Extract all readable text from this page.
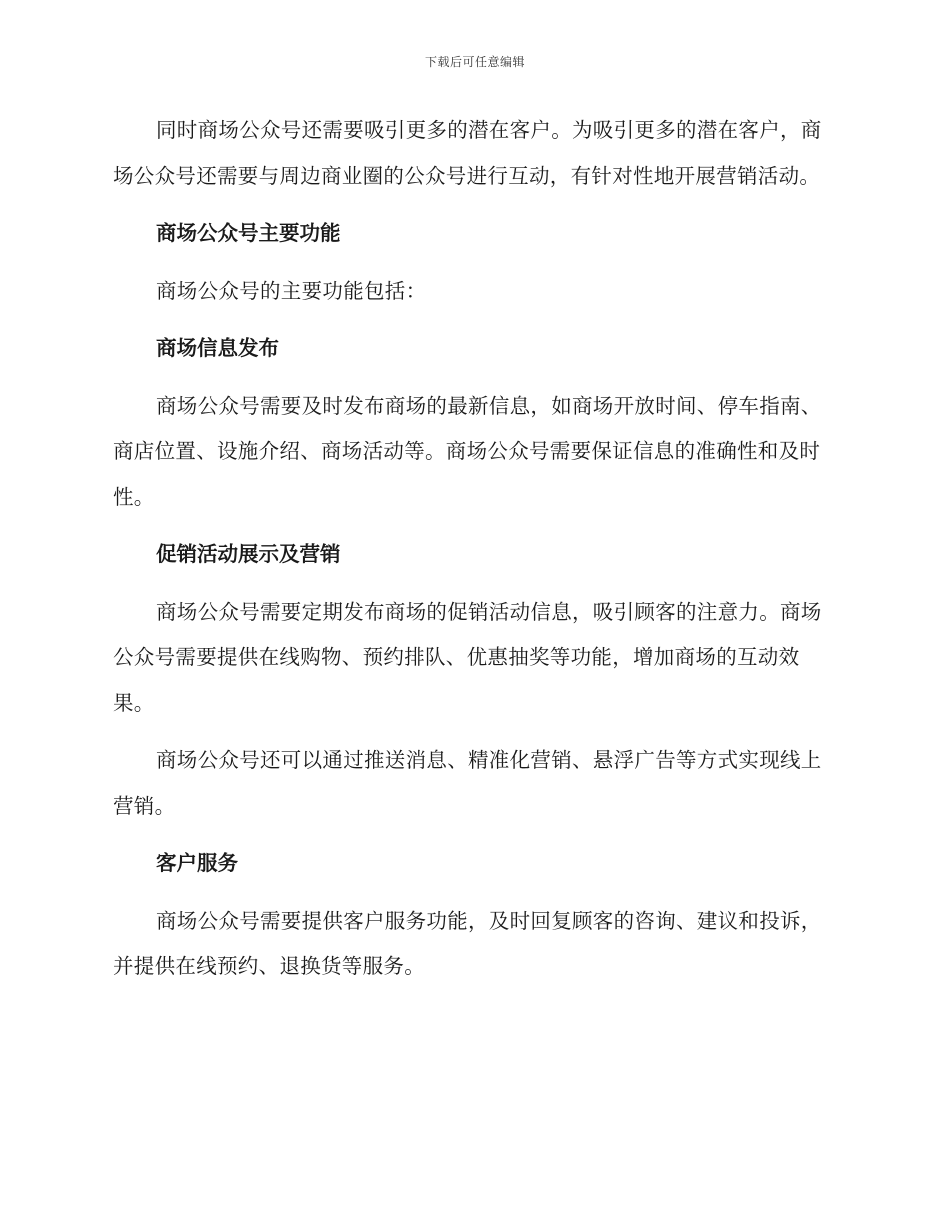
下载后可任意编辑

同时商场公众号还需要吸引更多的潜在客户。为吸引更多的潜在客户，商场公众号还需要与周边商业圈的公众号进行互动，有针对性地开展营销活动。

商场公众号主要功能

商场公众号的主要功能包括：

商场信息发布

商场公众号需要及时发布商场的最新信息，如商场开放时间、停车指南、商店位置、设施介绍、商场活动等。商场公众号需要保证信息的准确性和及时性。

促销活动展示及营销

商场公众号需要定期发布商场的促销活动信息，吸引顾客的注意力。商场公众号需要提供在线购物、预约排队、优惠抽奖等功能，增加商场的互动效果。

商场公众号还可以通过推送消息、精准化营销、悬浮广告等方式实现线上营销。

客户服务

商场公众号需要提供客户服务功能，及时回复顾客的咨询、建议和投诉，并提供在线预约、退换货等服务。
